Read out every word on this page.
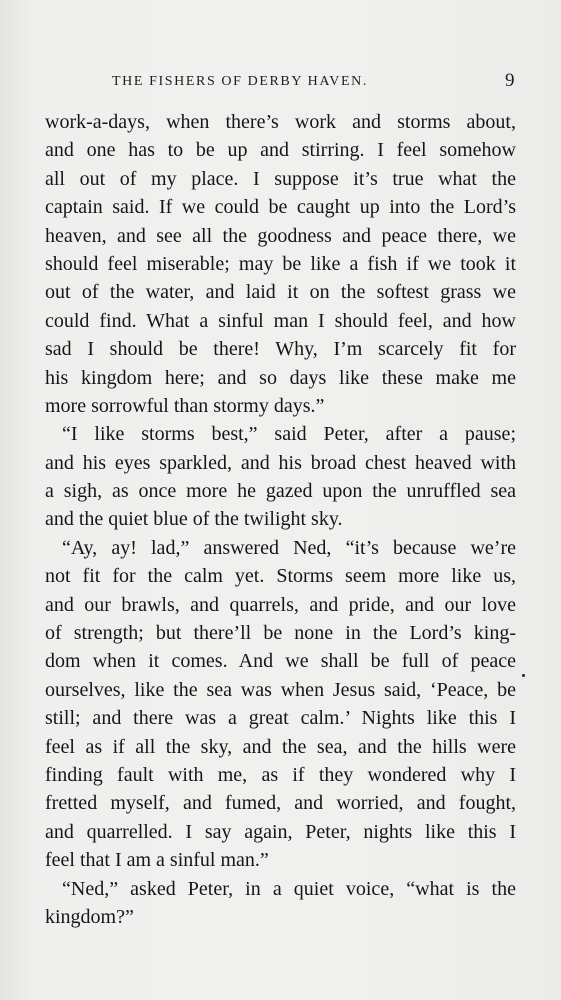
THE FISHERS OF DERBY HAVEN.	9
work-a-days, when there’s work and storms about,
and one has to be up and stirring. I feel somehow
all out of my place. I suppose it’s true what the
captain said. If we could be caught up into the Lord’s
heaven, and see all the goodness and peace there, we
should feel miserable; may be like a fish if we took it
out of the water, and laid it on the softest grass we
could find. What a sinful man I should feel, and how
sad I should be there! Why, I’m scarcely fit for
his kingdom here; and so days like these make me
more sorrowful than stormy days.”
“I like storms best,” said Peter, after a pause;
and his eyes sparkled, and his broad chest heaved with
a sigh, as once more he gazed upon the unruffled sea
and the quiet blue of the twilight sky.
“Ay, ay! lad,” answered Ned, “it’s because we’re
not fit for the calm yet. Storms seem more like us,
and our brawls, and quarrels, and pride, and our love
of strength; but there’ll be none in the Lord’s king-
dom when it comes. And we shall be full of peace
ourselves, like the sea was when Jesus said, ‘Peace, be
still; and there was a great calm.’ Nights like this I
feel as if all the sky, and the sea, and the hills were
finding fault with me, as if they wondered why I
fretted myself, and fumed, and worried, and fought,
and quarrelled. I say again, Peter, nights like this I
feel that I am a sinful man.”
“Ned,” asked Peter, in a quiet voice, “what is the
kingdom?”
